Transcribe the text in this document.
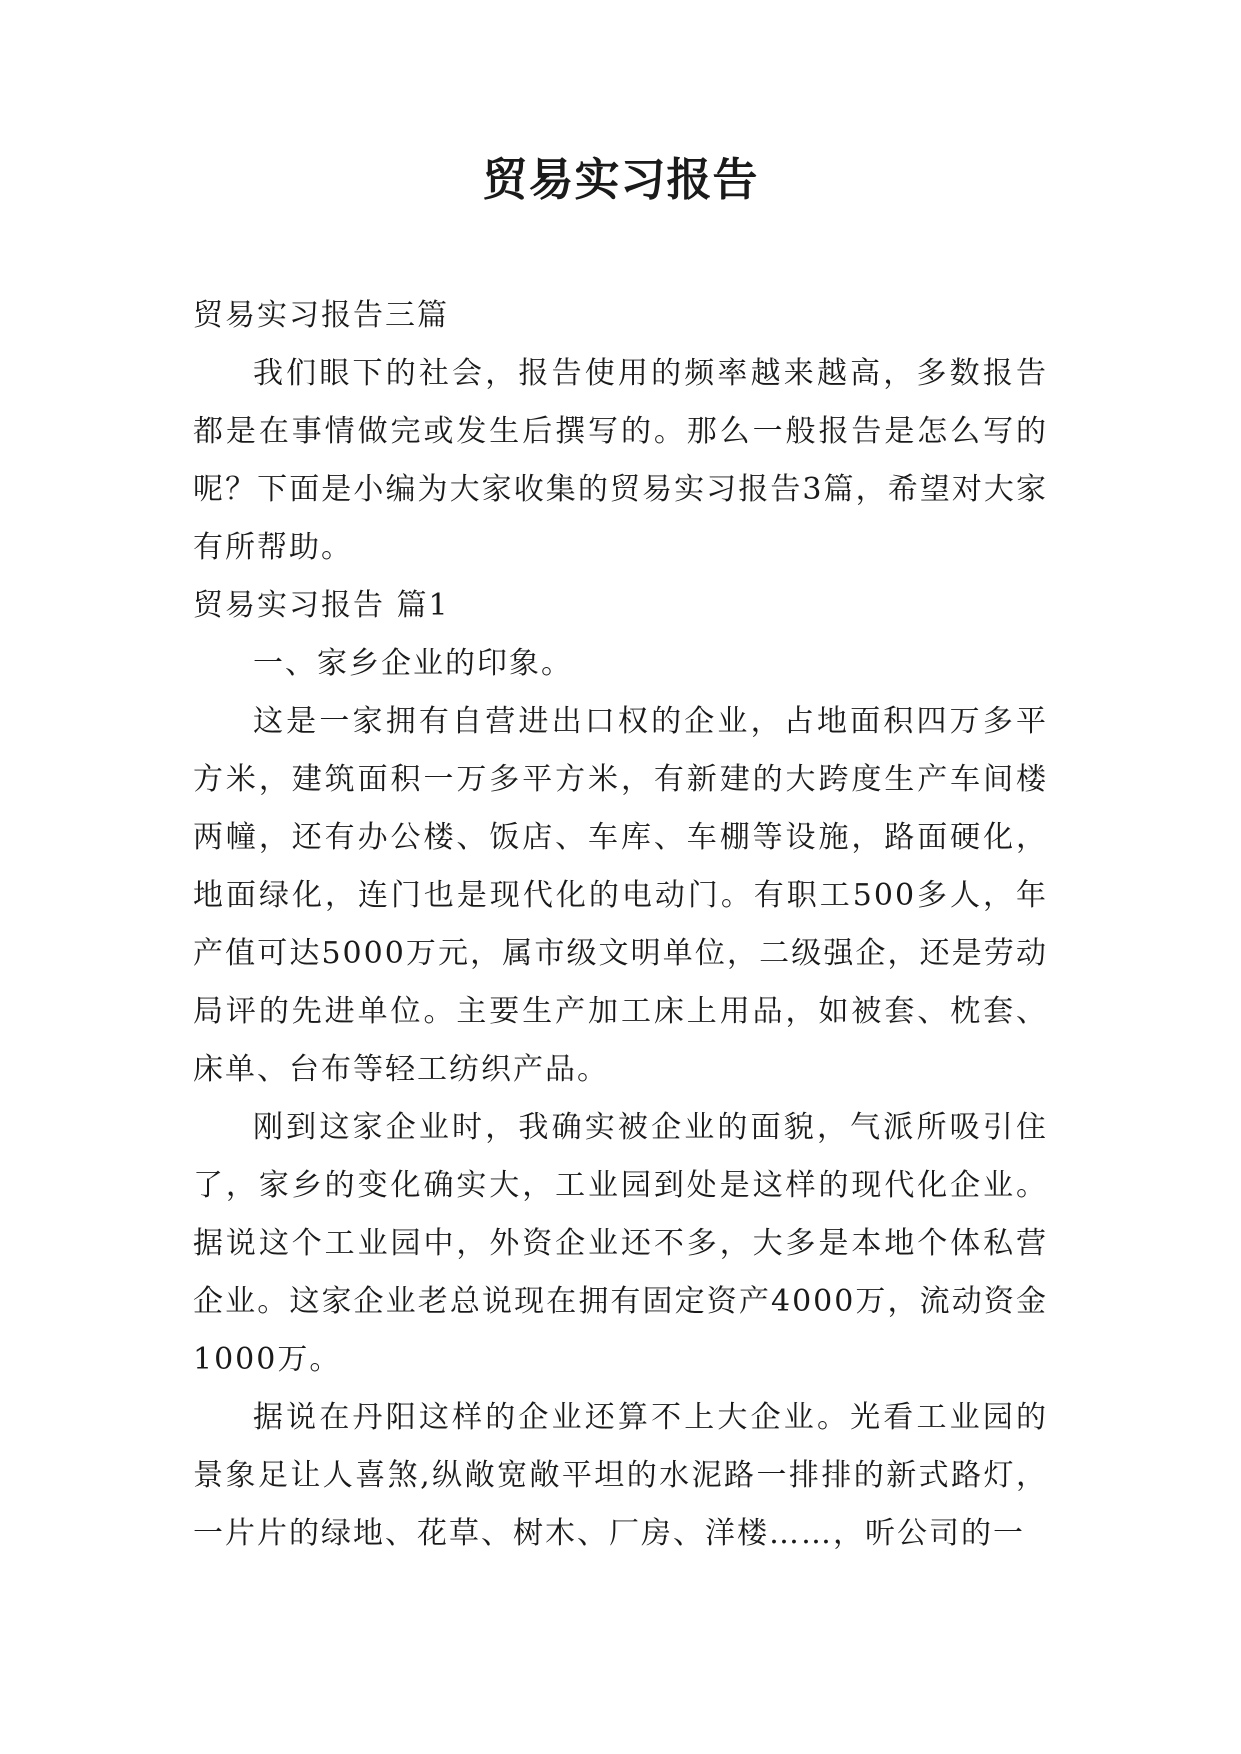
贸易实习报告

贸易实习报告三篇

我们眼下的社会，报告使用的频率越来越高，多数报告都是在事情做完或发生后撰写的。那么一般报告是怎么写的呢？下面是小编为大家收集的贸易实习报告3篇，希望对大家有所帮助。

贸易实习报告 篇1

一、家乡企业的印象。

这是一家拥有自营进出口权的企业，占地面积四万多平方米，建筑面积一万多平方米，有新建的大跨度生产车间楼两幢，还有办公楼、饭店、车库、车棚等设施，路面硬化，地面绿化，连门也是现代化的电动门。有职工500多人，年产值可达5000万元，属市级文明单位，二级强企，还是劳动局评的先进单位。主要生产加工床上用品，如被套、枕套、床单、台布等轻工纺织产品。

刚到这家企业时，我确实被企业的面貌，气派所吸引住了，家乡的变化确实大，工业园到处是这样的现代化企业。据说这个工业园中，外资企业还不多，大多是本地个体私营企业。这家企业老总说现在拥有固定资产4000万，流动资金1000万。

据说在丹阳这样的企业还算不上大企业。光看工业园的景象足让人喜煞,纵敞宽敞平坦的水泥路一排排的新式路灯，一片片的绿地、花草、树木、厂房、洋楼……，听公司的一
